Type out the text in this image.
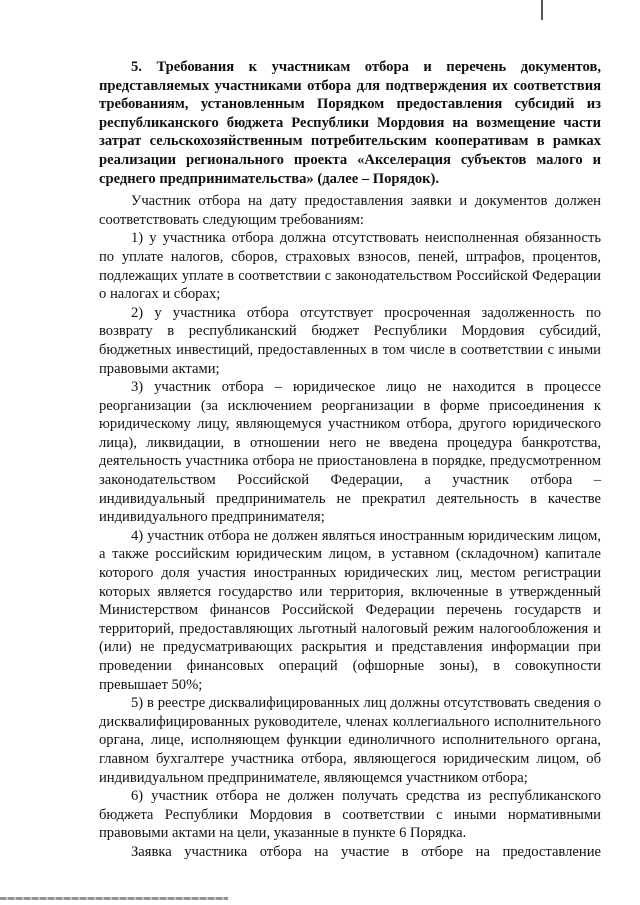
5. Требования к участникам отбора и перечень документов, представляемых участниками отбора для подтверждения их соответствия требованиям, установленным Порядком предоставления субсидий из республиканского бюджета Республики Мордовия на возмещение части затрат сельскохозяйственным потребительским кооперативам в рамках реализации регионального проекта «Акселерация субъектов малого и среднего предпринимательства» (далее – Порядок).

Участник отбора на дату предоставления заявки и документов должен соответствовать следующим требованиям:

1) у участника отбора должна отсутствовать неисполненная обязанность по уплате налогов, сборов, страховых взносов, пеней, штрафов, процентов, подлежащих уплате в соответствии с законодательством Российской Федерации о налогах и сборах;

2) у участника отбора отсутствует просроченная задолженность по возврату в республиканский бюджет Республики Мордовия субсидий, бюджетных инвестиций, предоставленных в том числе в соответствии с иными правовыми актами;

3) участник отбора – юридическое лицо не находится в процессе реорганизации (за исключением реорганизации в форме присоединения к юридическому лицу, являющемуся участником отбора, другого юридического лица), ликвидации, в отношении него не введена процедура банкротства, деятельность участника отбора не приостановлена в порядке, предусмотренном законодательством Российской Федерации, а участник отбора – индивидуальный предприниматель не прекратил деятельность в качестве индивидуального предпринимателя;

4) участник отбора не должен являться иностранным юридическим лицом, а также российским юридическим лицом, в уставном (складочном) капитале которого доля участия иностранных юридических лиц, местом регистрации которых является государство или территория, включенные в утвержденный Министерством финансов Российской Федерации перечень государств и территорий, предоставляющих льготный налоговый режим налогообложения и (или) не предусматривающих раскрытия и представления информации при проведении финансовых операций (офшорные зоны), в совокупности превышает 50%;

5) в реестре дисквалифицированных лиц должны отсутствовать сведения о дисквалифицированных руководителе, членах коллегиального исполнительного органа, лице, исполняющем функции единоличного исполнительного органа, главном бухгалтере участника отбора, являющегося юридическим лицом, об индивидуальном предпринимателе, являющемся участником отбора;

6) участник отбора не должен получать средства из республиканского бюджета Республики Мордовия в соответствии с иными нормативными правовыми актами на цели, указанные в пункте 6 Порядка.

Заявка участника отбора на участие в отборе на предоставление
